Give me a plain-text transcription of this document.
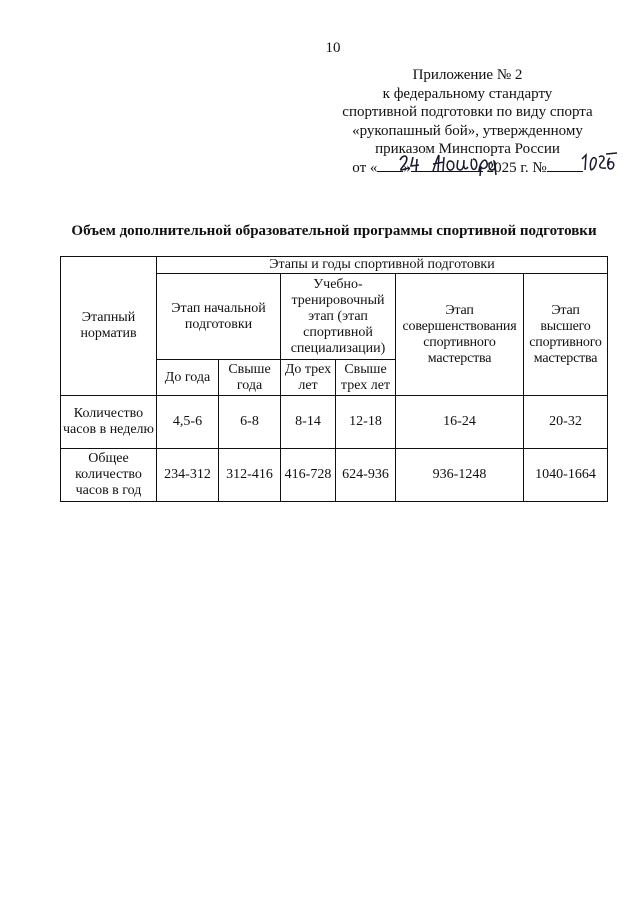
10
Приложение № 2
к федеральному стандарту
спортивной подготовки по виду спорта
«рукопашный бой», утвержденному
приказом Минспорта России
от « »	2025 г. №
Объем дополнительной образовательной программы спортивной подготовки
Этапный норматив	Этапы и годы спортивной подготовки					
	Этап начальной подготовки		Учебно-тренировочный этап (этап спортивной специализации)		Этап совершенствования спортивного мастерства	Этап высшего спортивного мастерства
	До года	Свыше года	До трех лет	Свыше трех лет		
Количество часов в неделю	4,5-6	6-8	8-14	12-18	16-24	20-32
Общее количество часов в год	234-312	312-416	416-728	624-936	936-1248	1040-1664
